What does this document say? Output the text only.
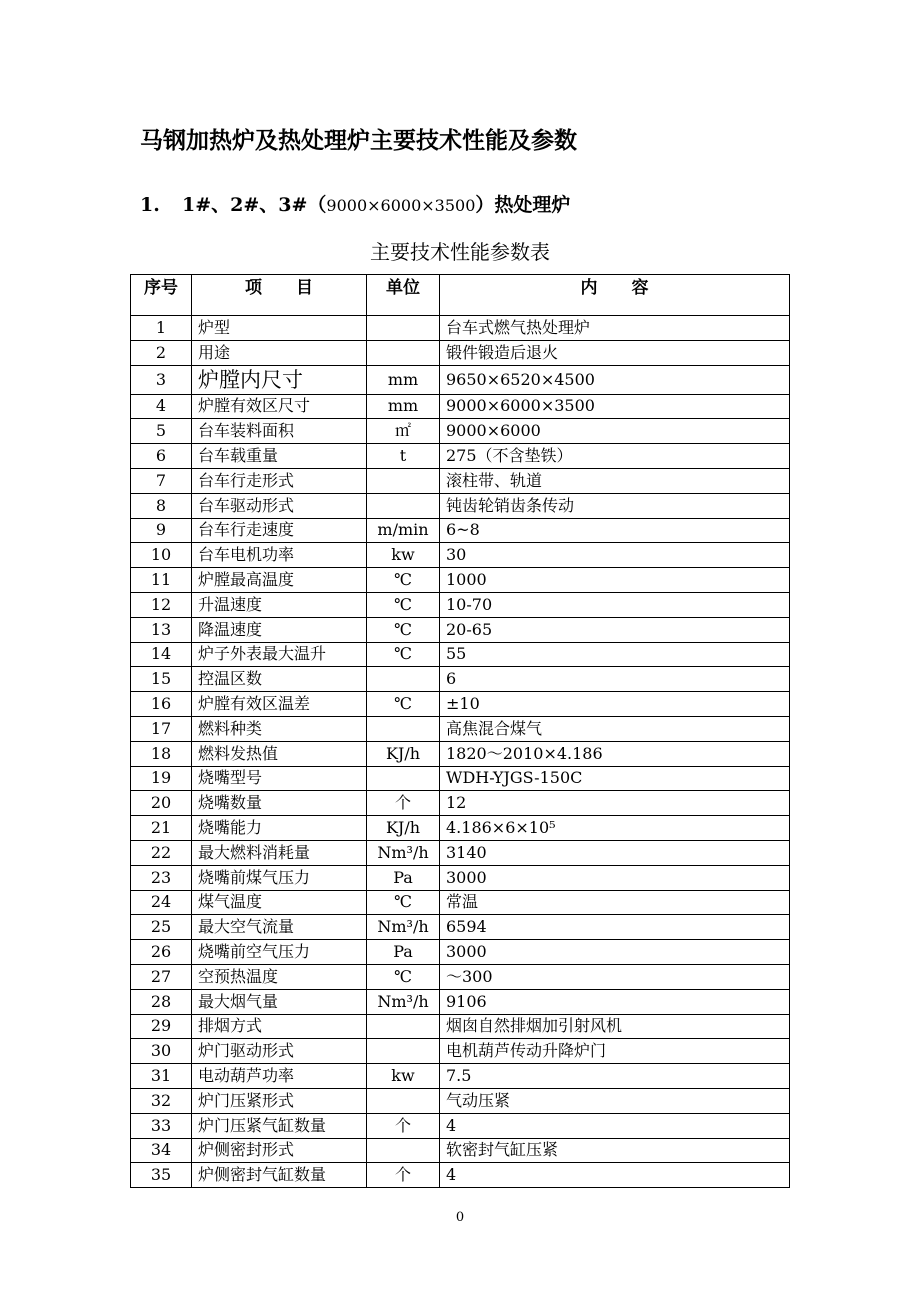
马钢加热炉及热处理炉主要技术性能及参数
1. 1#、2#、3#（9000×6000×3500）热处理炉
主要技术性能参数表
序号	项　　目	单位	内　　容
1	炉型		台车式燃气热处理炉
2	用途		锻件锻造后退火
3	炉膛内尺寸	mm	9650×6520×4500
4	炉膛有效区尺寸	mm	9000×6000×3500
5	台车装料面积	㎡	9000×6000
6	台车载重量	t	275（不含垫铁）
7	台车行走形式		滚柱带、轨道
8	台车驱动形式		钝齿轮销齿条传动
9	台车行走速度	m/min	6~8
10	台车电机功率	kw	30
11	炉膛最高温度	℃	1000
12	升温速度	℃	10-70
13	降温速度	℃	20-65
14	炉子外表最大温升	℃	55
15	控温区数		6
16	炉膛有效区温差	℃	±10
17	燃料种类		高焦混合煤气
18	燃料发热值	KJ/h	1820～2010×4.186
19	烧嘴型号		WDH-YJGS-150C
20	烧嘴数量	个	12
21	烧嘴能力	KJ/h	4.186×6×10⁵
22	最大燃料消耗量	Nm³/h	3140
23	烧嘴前煤气压力	Pa	3000
24	煤气温度	℃	常温
25	最大空气流量	Nm³/h	6594
26	烧嘴前空气压力	Pa	3000
27	空预热温度	℃	～300
28	最大烟气量	Nm³/h	9106
29	排烟方式		烟囱自然排烟加引射风机
30	炉门驱动形式		电机葫芦传动升降炉门
31	电动葫芦功率	kw	7.5
32	炉门压紧形式		气动压紧
33	炉门压紧气缸数量	个	4
34	炉侧密封形式		软密封气缸压紧
35	炉侧密封气缸数量	个	4
0
